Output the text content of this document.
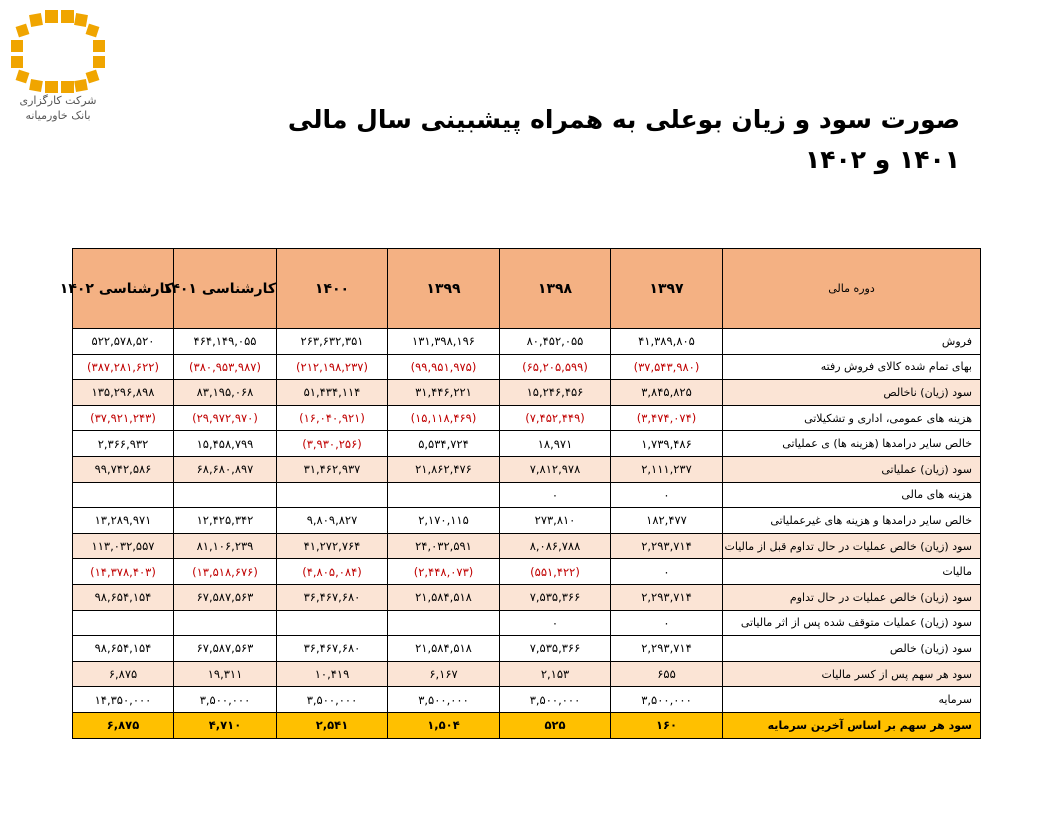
شرکت کارگزاری
بانک خاورمیانه	صورت سود و زیان بوعلی به همراه پیشبینی سال مالی ۱۴۰۱ و ۱۴۰۲
دوره مالی	۱۳۹۷	۱۳۹۸	۱۳۹۹	۱۴۰۰	کارشناسی ۱۴۰۱	کارشناسی ۱۴۰۲
فروش	۴۱,۳۸۹,۸۰۵	۸۰,۴۵۲,۰۵۵	۱۳۱,۳۹۸,۱۹۶	۲۶۳,۶۳۲,۳۵۱	۴۶۴,۱۴۹,۰۵۵	۵۲۲,۵۷۸,۵۲۰
بهای تمام شده کالای فروش رفته	(۳۷,۵۴۳,۹۸۰)	(۶۵,۲۰۵,۵۹۹)	(۹۹,۹۵۱,۹۷۵)	(۲۱۲,۱۹۸,۲۳۷)	(۳۸۰,۹۵۳,۹۸۷)	(۳۸۷,۲۸۱,۶۲۲)
سود (زیان) ناخالص	۳,۸۴۵,۸۲۵	۱۵,۲۴۶,۴۵۶	۳۱,۴۴۶,۲۲۱	۵۱,۴۳۴,۱۱۴	۸۳,۱۹۵,۰۶۸	۱۳۵,۲۹۶,۸۹۸
هزینه های عمومی، اداری و تشکیلاتی	(۳,۴۷۴,۰۷۴)	(۷,۴۵۲,۴۴۹)	(۱۵,۱۱۸,۴۶۹)	(۱۶,۰۴۰,۹۲۱)	(۲۹,۹۷۲,۹۷۰)	(۳۷,۹۲۱,۲۴۳)
خالص سایر درامدها (هزینه ها) ی عملیاتی	۱,۷۳۹,۴۸۶	۱۸,۹۷۱	۵,۵۳۴,۷۲۴	(۳,۹۳۰,۲۵۶)	۱۵,۴۵۸,۷۹۹	۲,۳۶۶,۹۳۲
سود (زیان) عملیاتی	۲,۱۱۱,۲۳۷	۷,۸۱۲,۹۷۸	۲۱,۸۶۲,۴۷۶	۳۱,۴۶۲,۹۳۷	۶۸,۶۸۰,۸۹۷	۹۹,۷۴۲,۵۸۶
هزینه های مالی	۰	۰				
خالص سایر درامدها و هزینه های غیرعملیاتی	۱۸۲,۴۷۷	۲۷۳,۸۱۰	۲,۱۷۰,۱۱۵	۹,۸۰۹,۸۲۷	۱۲,۴۲۵,۳۴۲	۱۳,۲۸۹,۹۷۱
سود (زیان) خالص عملیات در حال تداوم قبل از مالیات	۲,۲۹۳,۷۱۴	۸,۰۸۶,۷۸۸	۲۴,۰۳۲,۵۹۱	۴۱,۲۷۲,۷۶۴	۸۱,۱۰۶,۲۳۹	۱۱۳,۰۳۲,۵۵۷
مالیات	۰	(۵۵۱,۴۲۲)	(۲,۴۴۸,۰۷۳)	(۴,۸۰۵,۰۸۴)	(۱۳,۵۱۸,۶۷۶)	(۱۴,۳۷۸,۴۰۳)
سود (زیان) خالص عملیات در حال تداوم	۲,۲۹۳,۷۱۴	۷,۵۳۵,۳۶۶	۲۱,۵۸۴,۵۱۸	۳۶,۴۶۷,۶۸۰	۶۷,۵۸۷,۵۶۳	۹۸,۶۵۴,۱۵۴
سود (زیان) عملیات متوقف شده پس از اثر مالیاتی	۰	۰				
سود (زیان) خالص	۲,۲۹۳,۷۱۴	۷,۵۳۵,۳۶۶	۲۱,۵۸۴,۵۱۸	۳۶,۴۶۷,۶۸۰	۶۷,۵۸۷,۵۶۳	۹۸,۶۵۴,۱۵۴
سود هر سهم پس از کسر مالیات	۶۵۵	۲,۱۵۳	۶,۱۶۷	۱۰,۴۱۹	۱۹,۳۱۱	۶,۸۷۵
سرمایه	۳,۵۰۰,۰۰۰	۳,۵۰۰,۰۰۰	۳,۵۰۰,۰۰۰	۳,۵۰۰,۰۰۰	۳,۵۰۰,۰۰۰	۱۴,۳۵۰,۰۰۰
سود هر سهم بر اساس آخرین سرمایه	۱۶۰	۵۲۵	۱,۵۰۴	۲,۵۴۱	۴,۷۱۰	۶,۸۷۵
